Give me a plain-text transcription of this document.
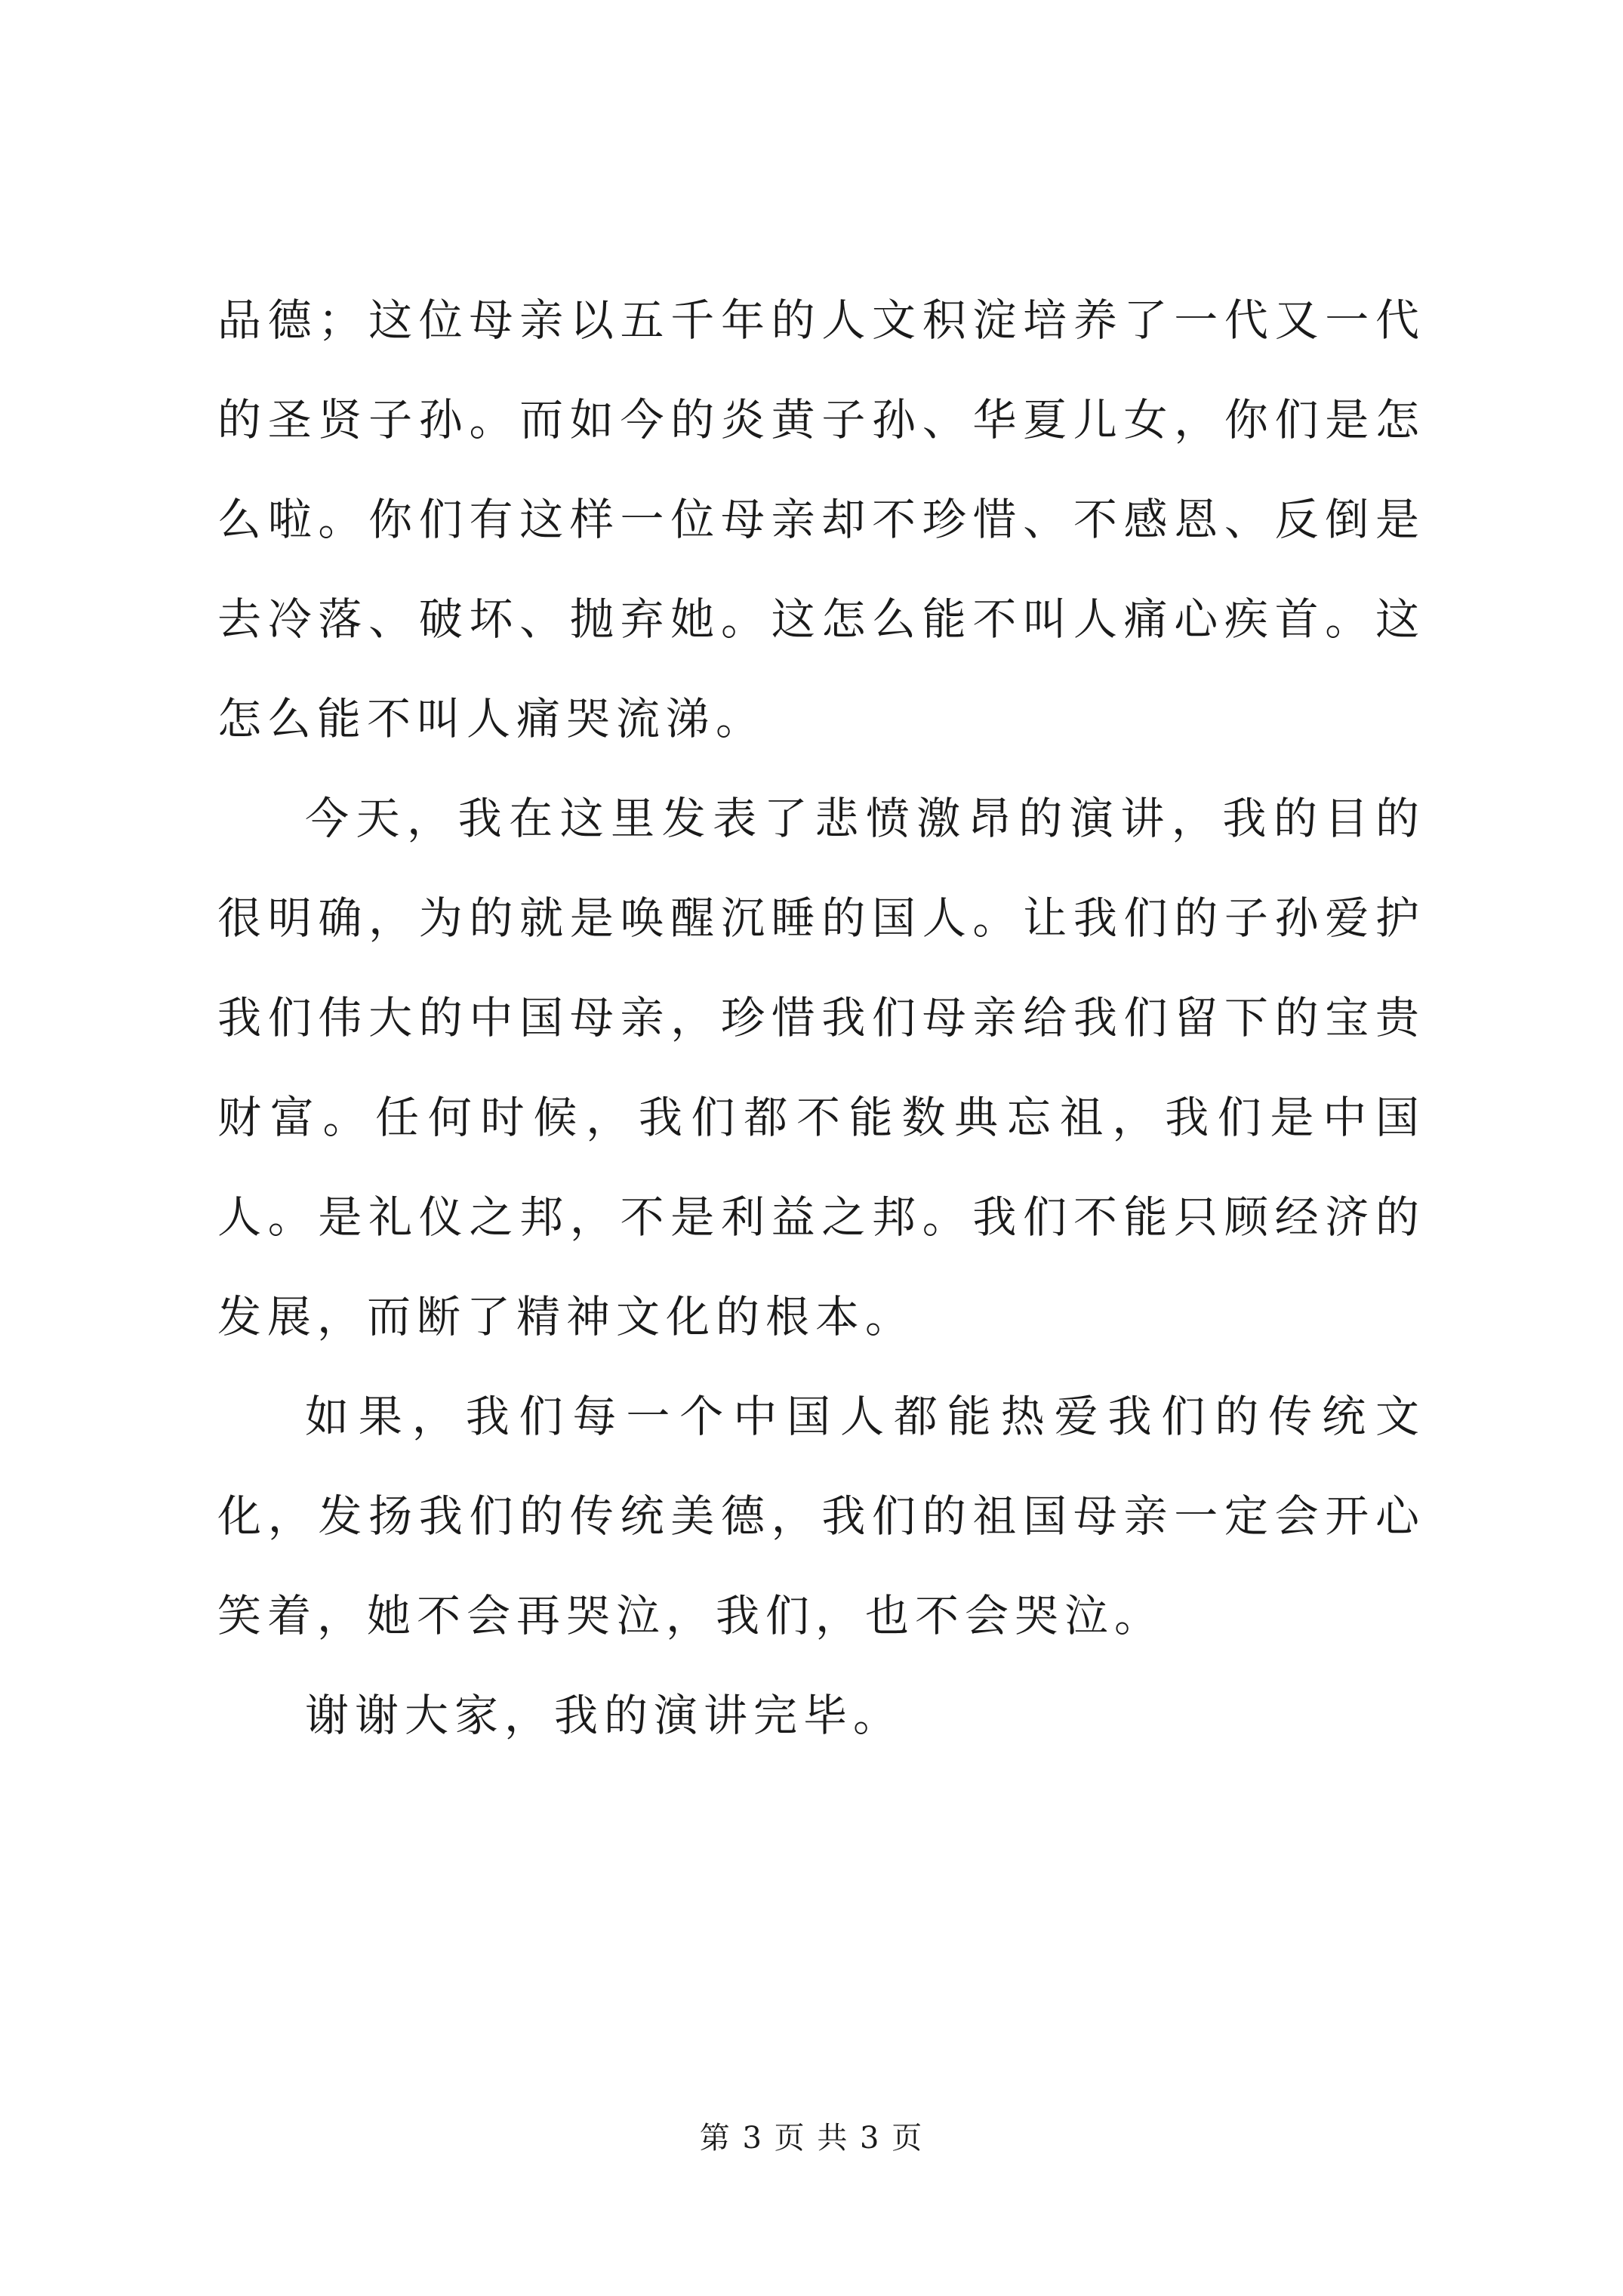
品德；这位母亲以五千年的人文积淀培养了一代又一代的圣贤子孙。而如今的炎黄子孙、华夏儿女，你们是怎么啦。你们有这样一位母亲却不珍惜、不感恩、反倒是去冷落、破坏、抛弃她。这怎么能不叫人痛心疾首。这怎么能不叫人痛哭流涕。

今天，我在这里发表了悲愤激昂的演讲，我的目的很明确，为的就是唤醒沉睡的国人。让我们的子孙爱护我们伟大的中国母亲，珍惜我们母亲给我们留下的宝贵财富。任何时候，我们都不能数典忘祖，我们是中国人。是礼仪之邦，不是利益之邦。我们不能只顾经济的发展，而断了精神文化的根本。

如果，我们每一个中国人都能热爱我们的传统文化，发扬我们的传统美德，我们的祖国母亲一定会开心笑着，她不会再哭泣，我们，也不会哭泣。

谢谢大家，我的演讲完毕。

第 3 页 共 3 页
